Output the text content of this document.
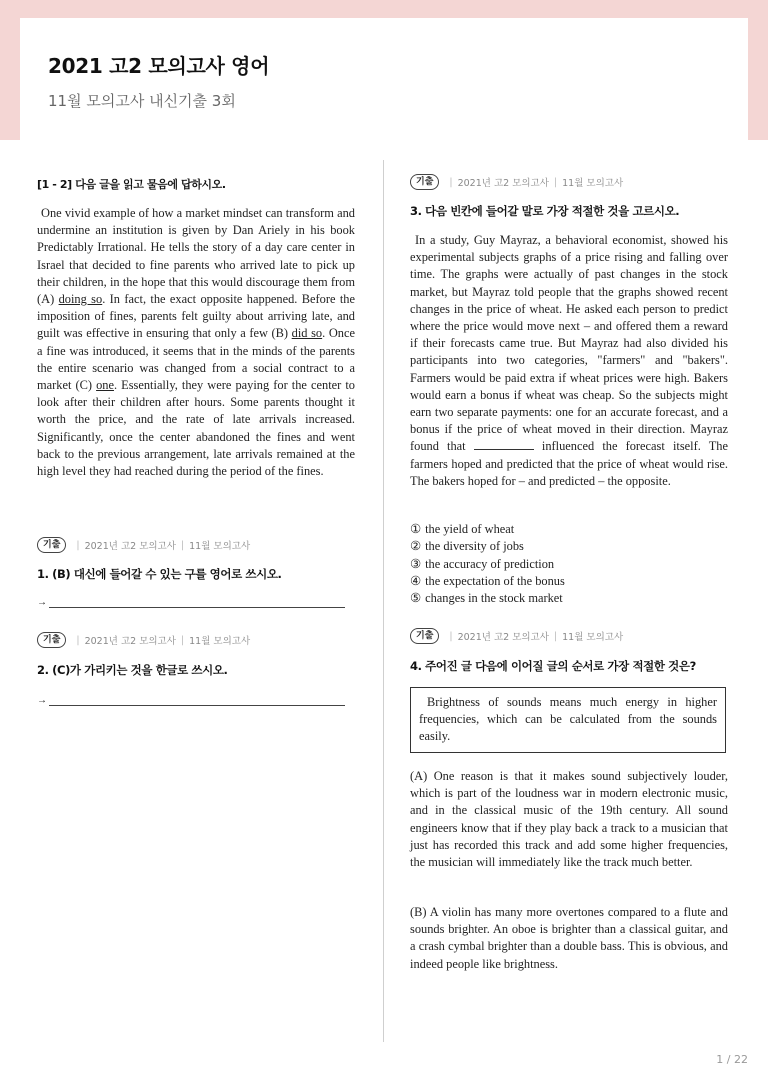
2021 고2 모의고사 영어
11월 모의고사 내신기출 3회
[1 - 2] 다음 글을 읽고 물음에 답하시오.
One vivid example of how a market mindset can transform and undermine an institution is given by Dan Ariely in his book Predictably Irrational. He tells the story of a day care center in Israel that decided to fine parents who arrived late to pick up their children, in the hope that this would discourage them from (A) doing so. In fact, the exact opposite happened. Before the imposition of fines, parents felt guilty about arriving late, and guilt was effective in ensuring that only a few (B) did so. Once a fine was introduced, it seems that in the minds of the parents the entire scenario was changed from a social contract to a market (C) one. Essentially, they were paying for the center to look after their children after hours. Some parents thought it worth the price, and the rate of late arrivals increased. Significantly, once the center abandoned the fines and went back to the previous arrangement, late arrivals remained at the high level they had reached during the period of the fines.
기출	| 2021년 고2 모의고사 | 11월 모의고사
1. (B) 대신에 들어갈 수 있는 구를 영어로 쓰시오.
→
기출	| 2021년 고2 모의고사 | 11월 모의고사
2. (C)가 가리키는 것을 한글로 쓰시오.
→
기출	| 2021년 고2 모의고사 | 11월 모의고사
3. 다음 빈칸에 들어갈 말로 가장 적절한 것을 고르시오.
In a study, Guy Mayraz, a behavioral economist, showed his experimental subjects graphs of a price rising and falling over time. The graphs were actually of past changes in the stock market, but Mayraz told people that the graphs showed recent changes in the price of wheat. He asked each person to predict where the price would move next – and offered them a reward if their forecasts came true. But Mayraz had also divided his participants into two categories, "farmers" and "bakers". Farmers would be paid extra if wheat prices were high. Bakers would earn a bonus if wheat was cheap. So the subjects might earn two separate payments: one for an accurate forecast, and a bonus if the price of wheat moved in their direction. Mayraz found that	influenced the forecast itself. The farmers hoped and predicted that the price of wheat would rise. The bakers hoped for – and predicted – the opposite.
① the yield of wheat
② the diversity of jobs
③ the accuracy of prediction
④ the expectation of the bonus
⑤ changes in the stock market
기출	| 2021년 고2 모의고사 | 11월 모의고사
4. 주어진 글 다음에 이어질 글의 순서로 가장 적절한 것은?
Brightness of sounds means much energy in higher frequencies, which can be calculated from the sounds easily.
(A) One reason is that it makes sound subjectively louder, which is part of the loudness war in modern electronic music, and in the classical music of the 19th century. All sound engineers know that if they play back a track to a musician that just has recorded this track and add some higher frequencies, the musician will immediately like the track much better.
(B) A violin has many more overtones compared to a flute and sounds brighter. An oboe is brighter than a classical guitar, and a crash cymbal brighter than a double bass. This is obvious, and indeed people like brightness.
1 / 22
